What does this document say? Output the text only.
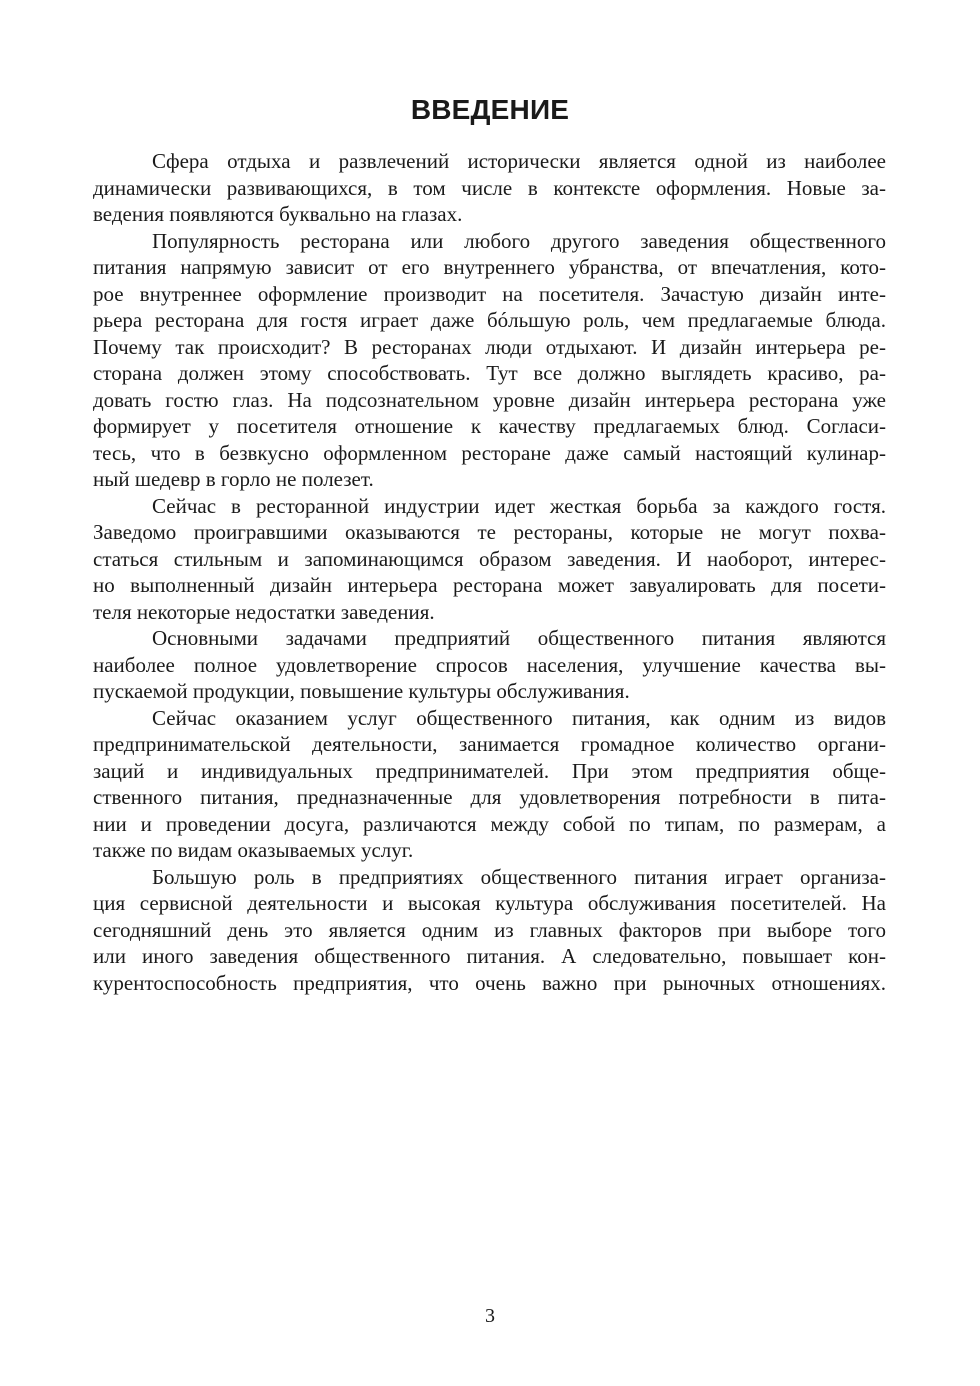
ВВЕДЕНИЕ
Сфера отдыха и развлечений исторически является одной из наиболее
динамически развивающихся, в том числе в контексте оформления. Новые за-
ведения появляются буквально на глазах.
Популярность ресторана или любого другого заведения общественного
питания напрямую зависит от его внутреннего убранства, от впечатления, кото-
рое внутреннее оформление производит на посетителя. Зачастую дизайн инте-
рьера ресторана для гостя играет даже бóльшую роль, чем предлагаемые блюда.
Почему так происходит? В ресторанах люди отдыхают. И дизайн интерьера ре-
сторана должен этому способствовать. Тут все должно выглядеть красиво, ра-
довать гостю глаз. На подсознательном уровне дизайн интерьера ресторана уже
формирует у посетителя отношение к качеству предлагаемых блюд. Согласи-
тесь, что в безвкусно оформленном ресторане даже самый настоящий кулинар-
ный шедевр в горло не полезет.
Сейчас в ресторанной индустрии идет жесткая борьба за каждого гостя.
Заведомо проигравшими оказываются те рестораны, которые не могут похва-
статься стильным и запоминающимся образом заведения. И наоборот, интерес-
но выполненный дизайн интерьера ресторана может завуалировать для посети-
теля некоторые недостатки заведения.
Основными задачами предприятий общественного питания являются
наиболее полное удовлетворение спросов населения, улучшение качества вы-
пускаемой продукции, повышение культуры обслуживания.
Сейчас оказанием услуг общественного питания, как одним из видов
предпринимательской деятельности, занимается громадное количество органи-
заций и индивидуальных предпринимателей. При этом предприятия обще-
ственного питания, предназначенные для удовлетворения потребности в пита-
нии и проведении досуга, различаются между собой по типам, по размерам, а
также по видам оказываемых услуг.
Большую роль в предприятиях общественного питания играет организа-
ция сервисной деятельности и высокая культура обслуживания посетителей. На
сегодняшний день это является одним из главных факторов при выборе того
или иного заведения общественного питания. А следовательно, повышает кон-
курентоспособность предприятия, что очень важно при рыночных отношениях.
3
